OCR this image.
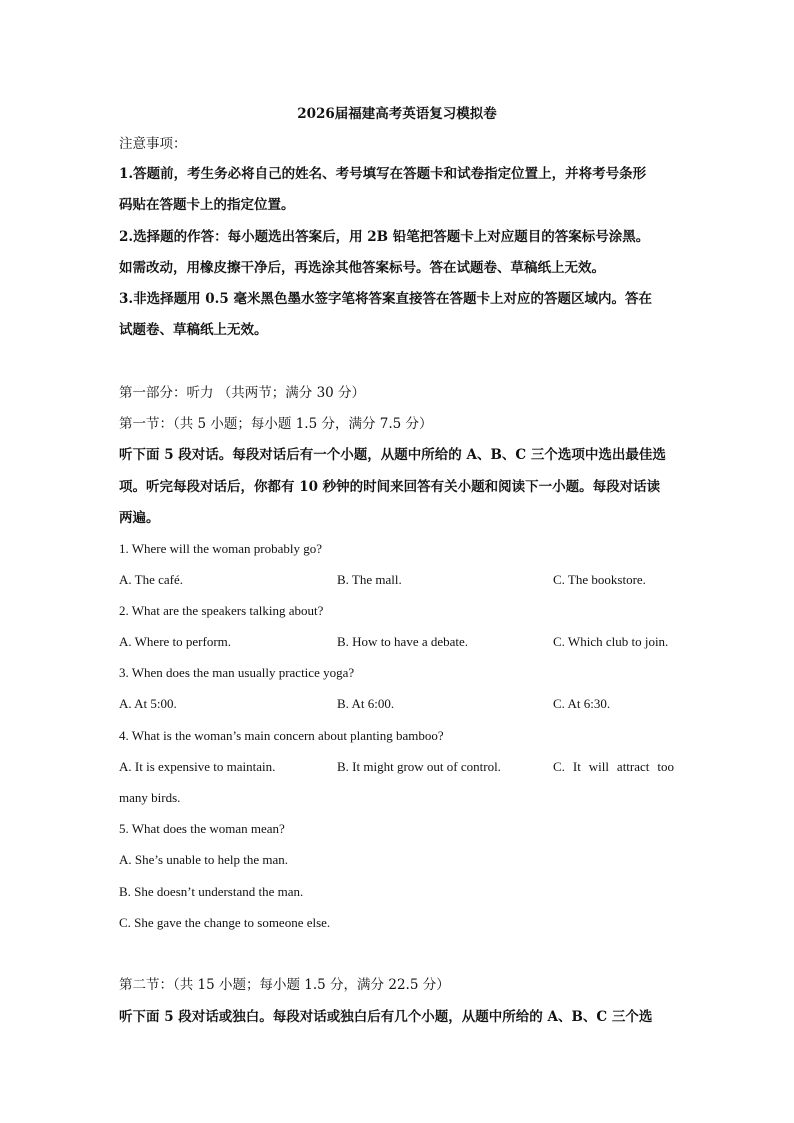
2026届福建高考英语复习模拟卷
注意事项：
1.答题前，考生务必将自己的姓名、考号填写在答题卡和试卷指定位置上，并将考号条形
码贴在答题卡上的指定位置。
2.选择题的作答：每小题选出答案后，用 2B 铅笔把答题卡上对应题目的答案标号涂黑。
如需改动，用橡皮擦干净后，再选涂其他答案标号。答在试题卷、草稿纸上无效。
3.非选择题用 0.5 毫米黑色墨水签字笔将答案直接答在答题卡上对应的答题区域内。答在
试题卷、草稿纸上无效。
第一部分：听力 （共两节；满分 30 分）
第一节：（共 5 小题；每小题 1.5 分，满分 7.5 分）
听下面 5 段对话。每段对话后有一个小题，从题中所给的 A、B、C 三个选项中选出最佳选
项。听完每段对话后，你都有 10 秒钟的时间来回答有关小题和阅读下一小题。每段对话读
两遍。
1. Where will the woman probably go?
A. The café.	B. The mall.	C. The bookstore.
2. What are the speakers talking about?
A. Where to perform.	B. How to have a debate.	C. Which club to join.
3. When does the man usually practice yoga?
A. At 5:00.	B. At 6:00.	C. At 6:30.
4. What is the woman’s main concern about planting bamboo?
A. It is expensive to maintain.	B. It might grow out of control.	C. It will attract too
many birds.
5. What does the woman mean?
A. She’s unable to help the man.
B. She doesn’t understand the man.
C. She gave the change to someone else.
第二节：（共 15 小题；每小题 1.5 分，满分 22.5 分）
听下面 5 段对话或独白。每段对话或独白后有几个小题，从题中所给的 A、B、C 三个选
